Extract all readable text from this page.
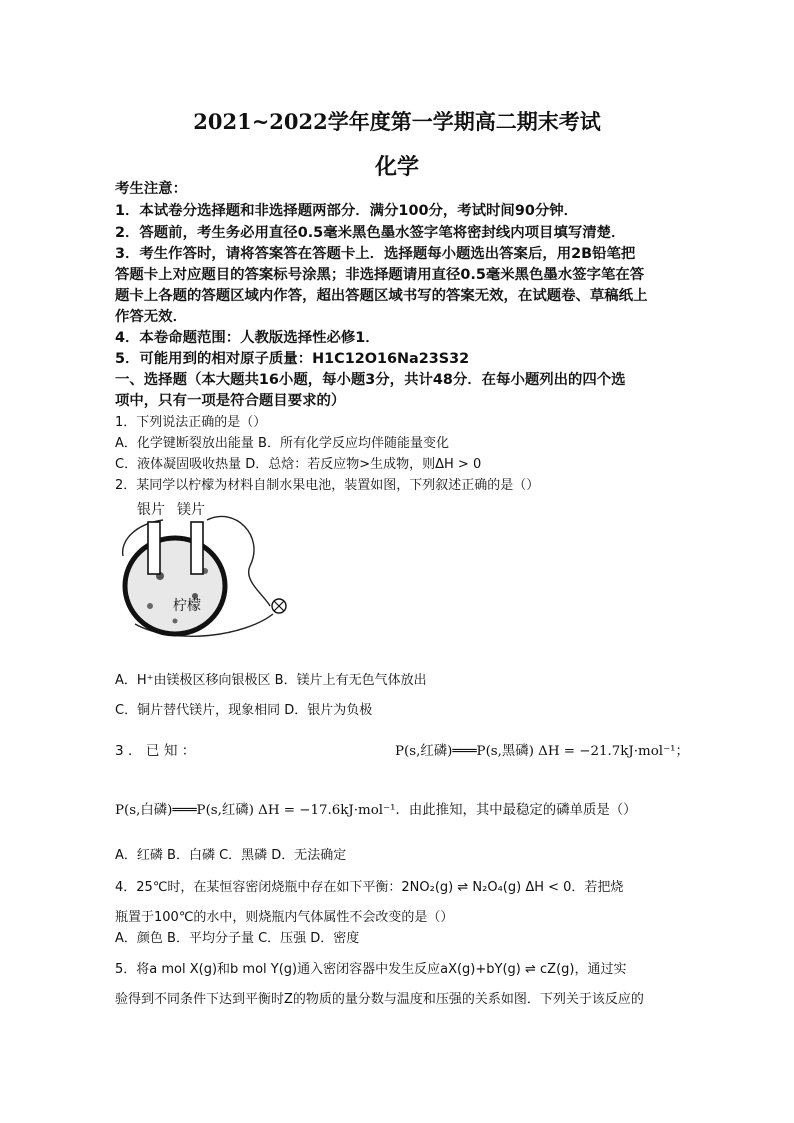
2021~2022学年度第一学期高二期末考试
化学
考生注意：
1．本试卷分选择题和非选择题两部分．满分100分，考试时间90分钟．
2．答题前，考生务必用直径0.5毫米黑色墨水签字笔将密封线内项目填写清楚．
3．考生作答时，请将答案答在答题卡上．选择题每小题选出答案后，用2B铅笔把
答题卡上对应题目的答案标号涂黑；非选择题请用直径0.5毫米黑色墨水签字笔在答
题卡上各题的答题区域内作答，超出答题区域书写的答案无效，在试题卷、草稿纸上
作答无效．
4．本卷命题范围：人教版选择性必修1．
5．可能用到的相对原子质量：H1C12O16Na23S32
一、选择题（本大题共16小题，每小题3分，共计48分．在每小题列出的四个选
项中，只有一项是符合题目要求的）
1．下列说法正确的是（）
A．化学键断裂放出能量 B．所有化学反应均伴随能量变化
C．液体凝固吸收热量 D．总焓：若反应物>生成物，则ΔH > 0
2．某同学以柠檬为材料自制水果电池，装置如图，下列叙述正确的是（）
银片 镁片
柠檬
A．H⁺由镁极区移向银极区 B．镁片上有无色气体放出
C．铜片替代镁片，现象相同 D．银片为负极
3 ． 已 知 ：	P(s,红磷)═══P(s,黑磷) ΔH = −21.7kJ·mol⁻¹；
P(s,白磷)═══P(s,红磷) ΔH = −17.6kJ·mol⁻¹．由此推知，其中最稳定的磷单质是（）
A．红磷 B．白磷 C．黑磷 D．无法确定
4．25℃时，在某恒容密闭烧瓶中存在如下平衡：2NO₂(g) ⇌ N₂O₄(g) ΔH < 0．若把烧
瓶置于100℃的水中，则烧瓶内气体属性不会改变的是（）
A．颜色 B．平均分子量 C．压强 D．密度
5．将a mol X(g)和b mol Y(g)通入密闭容器中发生反应aX(g)+bY(g) ⇌ cZ(g)，通过实
验得到不同条件下达到平衡时Z的物质的量分数与温度和压强的关系如图．下列关于该反应的
